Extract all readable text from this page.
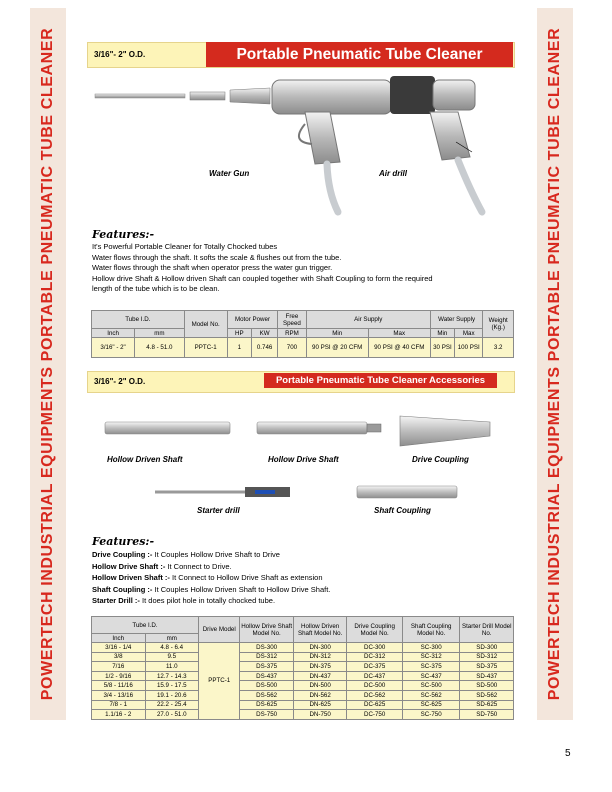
POWERTECH INDUSTRIAL EQUIPMENTS PORTABLE PNEUMATIC TUBE CLEANER	POWERTECH INDUSTRIAL EQUIPMENTS PORTABLE PNEUMATIC TUBE CLEANER
3/16"- 2" O.D.	Portable Pneumatic Tube Cleaner
Water Gun	Air drill
Features:-

It's Powerful Portable Cleaner for Totally Chocked tubes

Water flows through the shaft. It softs the scale & flushes out from the tube.

Water flows through the shaft when operator press the water gun trigger.

Hollow drive Shaft & Hollow driven Shaft can coupled together with Shaft Coupling to form the required

length of the tube which is to be clean.

Tube I.D.		Model No.	Motor Power		Free Speed	Air Supply		Water Supply		Weight (Kg.)
Inch	mm		HP	KW	RPM	Min	Max	Min	Max	
3/16" - 2"	4.8 - 51.0	PPTC-1	1	0.746	700	90 PSI @ 20 CFM	90 PSI @ 40 CFM	30 PSI	100 PSI	3.2
3/16"- 2" O.D.	Portable Pneumatic Tube Cleaner Accessories
Hollow Driven Shaft	Hollow Drive Shaft	Drive Coupling
Starter drill	Shaft Coupling
Features:-

Drive Coupling :- It Couples Hollow Drive Shaft to Drive

Hollow Drive Shaft :- It Connect to Drive.

Hollow Driven Shaft :- It Connect to Hollow Drive Shaft as extension

Shaft Coupling :- It Couples Hollow Driven Shaft to Hollow Drive Shaft.

Starter Drill :- It does pilot hole in totally chocked tube.

Tube I.D.		Drive Model	Hollow Drive Shaft Model No.	Hollow Driven Shaft Model No.	Drive Coupling Model No.	Shaft Coupling Model No.	Starter Drill Model No.
Inch	mm						
3/16 - 1/4	4.8 - 6.4	PPTC-1	DS-300	DN-300	DC-300	SC-300	SD-300
3/8	9.5		DS-312	DN-312	DC-312	SC-312	SD-312
7/16	11.0		DS-375	DN-375	DC-375	SC-375	SD-375
1/2 - 9/16	12.7 - 14.3		DS-437	DN-437	DC-437	SC-437	SD-437
5/8 - 11/16	15.9 - 17.5		DS-500	DN-500	DC-500	SC-500	SD-500
3/4 - 13/16	19.1 - 20.6		DS-562	DN-562	DC-562	SC-562	SD-562
7/8 - 1	22.2 - 25.4		DS-625	DN-625	DC-625	SC-625	SD-625
1.1/16 - 2	27.0 - 51.0		DS-750	DN-750	DC-750	SC-750	SD-750
5
